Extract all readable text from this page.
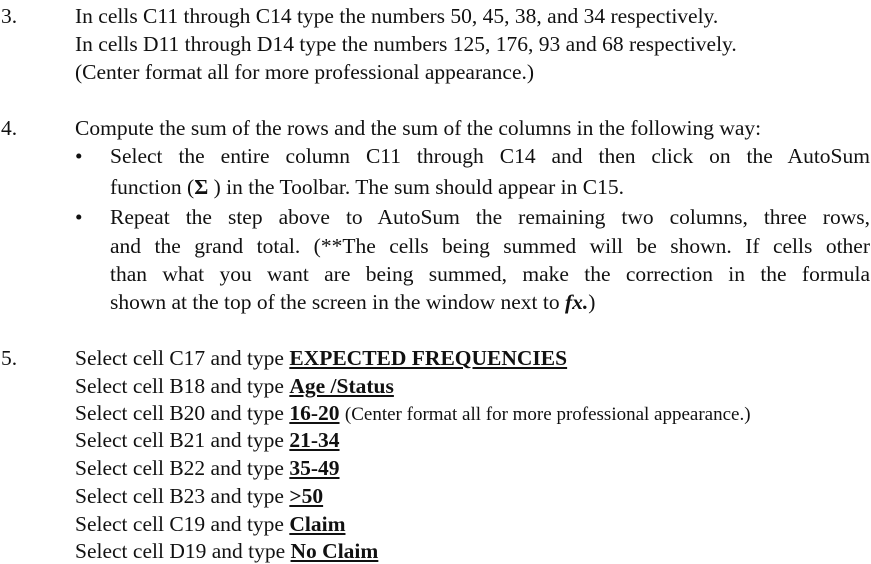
3.	In cells C11 through C14 type the numbers 50, 45, 38, and 34 respectively.
In cells D11 through D14 type the numbers 125, 176, 93 and 68 respectively.
(Center format all for more professional appearance.)
4.	Compute the sum of the rows and the sum of the columns in the following way:
• Select the entire column C11 through C14 and then click on the AutoSum
function (Σ ) in the Toolbar. The sum should appear in C15.
• Repeat the step above to AutoSum the remaining two columns, three rows,
and the grand total. (**The cells being summed will be shown. If cells other
than what you want are being summed, make the correction in the formula
shown at the top of the screen in the window next to fx.)
5.	Select cell C17 and type EXPECTED FREQUENCIES
Select cell B18 and type Age /Status
Select cell B20 and type 16-20 (Center format all for more professional appearance.)
Select cell B21 and type 21-34
Select cell B22 and type 35-49
Select cell B23 and type >50
Select cell C19 and type Claim
Select cell D19 and type No Claim
